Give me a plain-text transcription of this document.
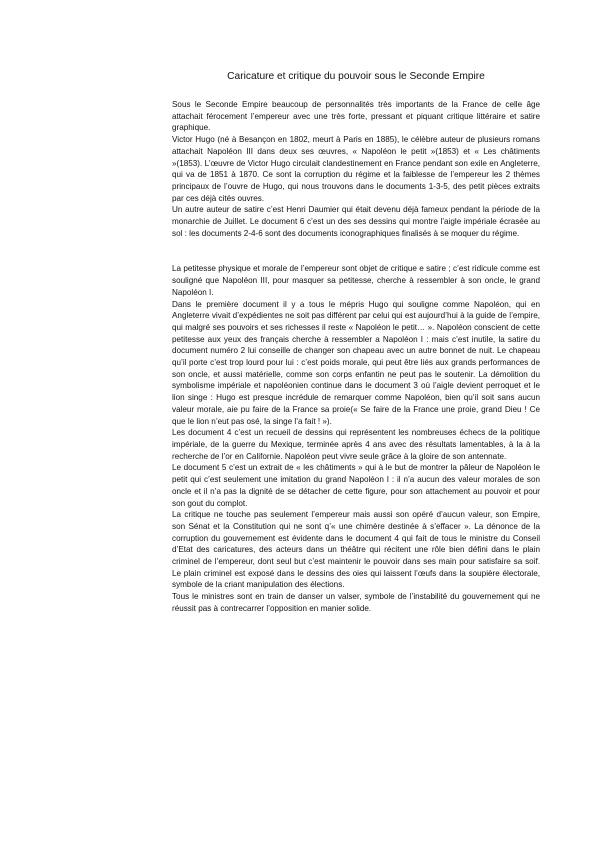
Caricature et critique du pouvoir sous le Seconde Empire

Sous le Seconde Empire beaucoup de personnalités très importants de la France de celle âge attachait férocement l’empereur avec une très forte, pressant et piquant critique littéraire et satire graphique.

Victor Hugo (né à Besançon en 1802, meurt à Paris en 1885), le célèbre auteur de plusieurs romans attachait Napoléon III dans deux ses œuvres, « Napoléon le petit »(1853) et « Les châtiments »(1853). L’œuvre de Victor Hugo circulait clandestinement en France pendant son exile en Angleterre, qui va de 1851 à 1870. Ce sont la corruption du régime et la faiblesse de l’empereur les 2 thèmes principaux de l’ouvre de Hugo, qui nous trouvons dans le documents 1-3-5, des petit pièces extraits par ces déjà cités ouvres.

Un autre auteur de satire c’est Henri Daumier qui était devenu déjà fameux pendant la période de la monarchie de Juillet. Le document 6 c’est un des ses dessins qui montre l’aigle impériale écrasée au sol : les documents 2-4-6 sont des documents iconographiques finalisés à se moquer du régime.

La petitesse physique et morale de l’empereur sont objet de critique e satire ; c’est ridicule comme est souligné que Napoléon III, pour masquer sa petitesse, cherche à ressembler à son oncle, le grand Napoléon I.

Dans le première document il y a tous le mépris Hugo qui souligne comme Napoléon, qui en Angleterre vivait d’expédientes ne soit pas différent par celui qui est aujourd’hui à la guide de l’empire, qui malgré ses pouvoirs et ses richesses il reste « Napoléon le petit… ». Napoléon conscient de cette petitesse aux yeux des français cherche à ressembler a Napoléon I : mais c’est inutile, la satire du document numéro 2 lui conseille de changer son chapeau avec un autre bonnet de nuit. Le chapeau qu’il porte c’est trop lourd pour lui : c’est poids morale, qui peut être liés aux grands performances de son oncle, et aussi matérielle, comme son corps enfantin ne peut pas le soutenir. La démolition du symbolisme impériale et napoléonien continue dans le document 3 où l’aigle devient perroquet et le lion singe : Hugo est presque incrédule de remarquer comme Napoléon, bien qu’il soit sans aucun valeur morale, aie pu faire de la France sa proie(« Se faire de la France une proie, grand Dieu ! Ce que le lion n’eut pas osé, la singe l’a fait ! »).

Les document 4 c’est un recueil de dessins qui représentent les nombreuses échecs de la politique impériale, de la guerre du Mexique, terminée après 4 ans avec des résultats lamentables, à la à la recherche de l’or en Californie. Napoléon peut vivre seule grâce à la gloire de son antennate.

Le document 5 c’est un extrait de « les châtiments » qui à le but de montrer la pâleur de Napoléon le petit qui c’est seulement une imitation du grand Napoléon I : il n’a aucun des valeur morales de son oncle et il n’a pas la dignité de se détacher de cette figure, pour son attachement au pouvoir et pour son gout du complot.

La critique ne touche pas seulement l’empereur mais aussi son opéré d’aucun valeur, son Empire, son Sénat et la Constitution qui ne sont q’« une chimère destinée à s’effacer ». La dénonce de la corruption du gouvernement est évidente dans le document 4 qui fait de tous le ministre du Conseil d’Etat des caricatures, des acteurs dans un théâtre qui récitent une rôle bien défini dans le plain criminel de l’empereur, dont seul but c’est maintenir le pouvoir dans ses main pour satisfaire sa soif. Le plain criminel est exposé dans le dessins des oies qui laissent l’œufs dans la soupière électorale, symbole de la criant manipulation des élections.

Tous le ministres sont en train de danser un valser, symbole de l’instabilité du gouvernement qui ne réussit pas à contrecarrer l’opposition en manier solide.
